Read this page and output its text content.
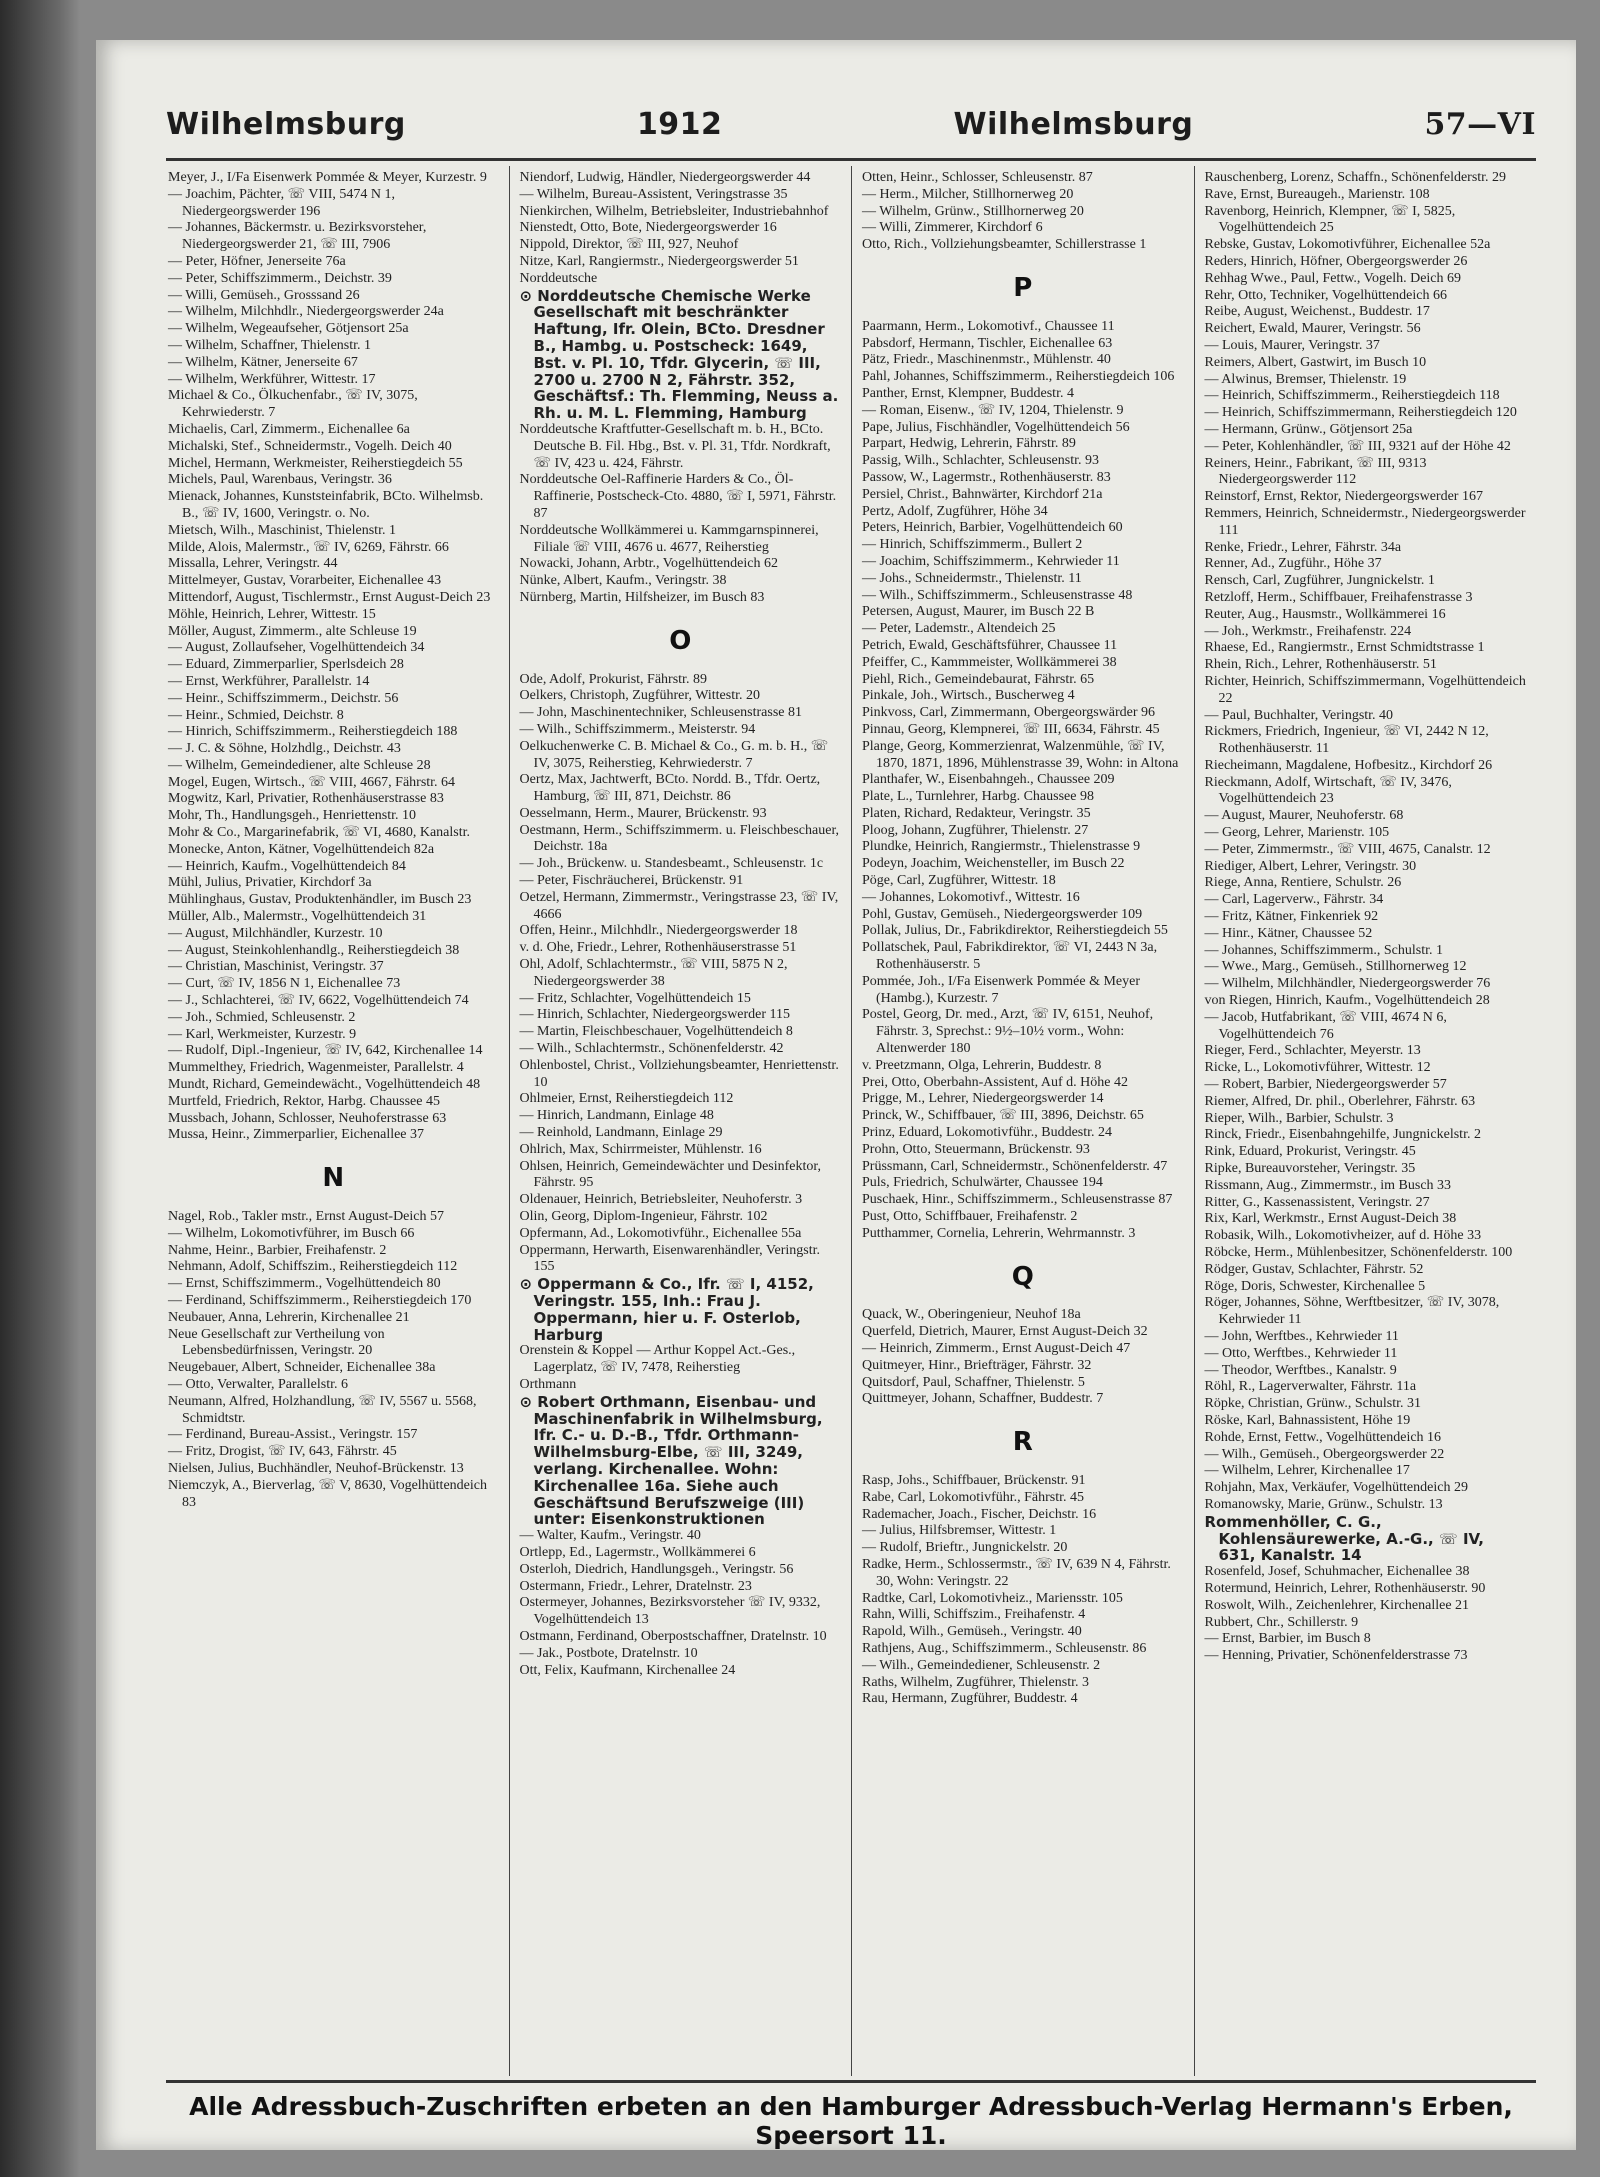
Wilhelmsburg	1912	Wilhelmsburg	57—VI

Meyer, J., I/Fa Eisenwerk Pommée & Meyer, Kurzestr. 9

— Joachim, Pächter, ☏ VIII, 5474 N 1, Niedergeorgswerder 196

— Johannes, Bäckermstr. u. Bezirksvorsteher, Niedergeorgswerder 21, ☏ III, 7906

— Peter, Höfner, Jenerseite 76a

— Peter, Schiffszimmerm., Deichstr. 39

— Willi, Gemüseh., Grosssand 26

— Wilhelm, Milchhdlr., Niedergeorgswerder 24a

— Wilhelm, Wegeaufseher, Götjensort 25a

— Wilhelm, Schaffner, Thielenstr. 1

— Wilhelm, Kätner, Jenerseite 67

— Wilhelm, Werkführer, Wittestr. 17

Michael & Co., Ölkuchenfabr., ☏ IV, 3075, Kehrwiederstr. 7

Michaelis, Carl, Zimmerm., Eichenallee 6a

Michalski, Stef., Schneidermstr., Vogelh. Deich 40

Michel, Hermann, Werkmeister, Reiherstiegdeich 55

Michels, Paul, Warenbaus, Veringstr. 36

Mienack, Johannes, Kunststeinfabrik, BCto. Wilhelmsb. B., ☏ IV, 1600, Veringstr. o. No.

Mietsch, Wilh., Maschinist, Thielenstr. 1

Milde, Alois, Malermstr., ☏ IV, 6269, Fährstr. 66

Missalla, Lehrer, Veringstr. 44

Mittelmeyer, Gustav, Vorarbeiter, Eichenallee 43

Mittendorf, August, Tischlermstr., Ernst August-Deich 23

Möhle, Heinrich, Lehrer, Wittestr. 15

Möller, August, Zimmerm., alte Schleuse 19

— August, Zollaufseher, Vogelhüttendeich 34

— Eduard, Zimmerparlier, Sperlsdeich 28

— Ernst, Werkführer, Parallelstr. 14

— Heinr., Schiffszimmerm., Deichstr. 56

— Heinr., Schmied, Deichstr. 8

— Hinrich, Schiffszimmerm., Reiherstiegdeich 188

— J. C. & Söhne, Holzhdlg., Deichstr. 43

— Wilhelm, Gemeindediener, alte Schleuse 28

Mogel, Eugen, Wirtsch., ☏ VIII, 4667, Fährstr. 64

Mogwitz, Karl, Privatier, Rothenhäuserstrasse 83

Mohr, Th., Handlungsgeh., Henriettenstr. 10

Mohr & Co., Margarinefabrik, ☏ VI, 4680, Kanalstr.

Monecke, Anton, Kätner, Vogelhüttendeich 82a

— Heinrich, Kaufm., Vogelhüttendeich 84

Mühl, Julius, Privatier, Kirchdorf 3a

Mühlinghaus, Gustav, Produktenhändler, im Busch 23

Müller, Alb., Malermstr., Vogelhüttendeich 31

— August, Milchhändler, Kurzestr. 10

— August, Steinkohlenhandlg., Reiherstiegdeich 38

— Christian, Maschinist, Veringstr. 37

— Curt, ☏ IV, 1856 N 1, Eichenallee 73

— J., Schlachterei, ☏ IV, 6622, Vogelhüttendeich 74

— Joh., Schmied, Schleusenstr. 2

— Karl, Werkmeister, Kurzestr. 9

— Rudolf, Dipl.-Ingenieur, ☏ IV, 642, Kirchenallee 14

Mummelthey, Friedrich, Wagenmeister, Parallelstr. 4

Mundt, Richard, Gemeindewächt., Vogelhüttendeich 48

Murtfeld, Friedrich, Rektor, Harbg. Chaussee 45

Mussbach, Johann, Schlosser, Neuhoferstrasse 63

Mussa, Heinr., Zimmerparlier, Eichenallee 37

N

Nagel, Rob., Takler mstr., Ernst August-Deich 57

— Wilhelm, Lokomotivführer, im Busch 66

Nahme, Heinr., Barbier, Freihafenstr. 2

Nehmann, Adolf, Schiffszim., Reiherstiegdeich 112

— Ernst, Schiffszimmerm., Vogelhüttendeich 80

— Ferdinand, Schiffszimmerm., Reiherstiegdeich 170

Neubauer, Anna, Lehrerin, Kirchenallee 21

Neue Gesellschaft zur Vertheilung von Lebensbedürfnissen, Veringstr. 20

Neugebauer, Albert, Schneider, Eichenallee 38a

— Otto, Verwalter, Parallelstr. 6

Neumann, Alfred, Holzhandlung, ☏ IV, 5567 u. 5568, Schmidtstr.

— Ferdinand, Bureau-Assist., Veringstr. 157

— Fritz, Drogist, ☏ IV, 643, Fährstr. 45

Nielsen, Julius, Buchhändler, Neuhof-Brückenstr. 13

Niemczyk, A., Bierverlag, ☏ V, 8630, Vogelhüttendeich 83

Niendorf, Ludwig, Händler, Niedergeorgswerder 44

— Wilhelm, Bureau-Assistent, Veringstrasse 35

Nienkirchen, Wilhelm, Betriebsleiter, Industriebahnhof

Nienstedt, Otto, Bote, Niedergeorgswerder 16

Nippold, Direktor, ☏ III, 927, Neuhof

Nitze, Karl, Rangiermstr., Niedergeorgswerder 51

Norddeutsche

⊙ Norddeutsche Chemische Werke Gesellschaft mit beschränkter Haftung, Ifr. Olein, BCto. Dresdner B., Hambg. u. Postscheck: 1649, Bst. v. Pl. 10, Tfdr. Glycerin, ☏ III, 2700 u. 2700 N 2, Fährstr. 352, Geschäftsf.: Th. Flemming, Neuss a. Rh. u. M. L. Flemming, Hamburg

Norddeutsche Kraftfutter-Gesellschaft m. b. H., BCto. Deutsche B. Fil. Hbg., Bst. v. Pl. 31, Tfdr. Nordkraft, ☏ IV, 423 u. 424, Fährstr.

Norddeutsche Oel-Raffinerie Harders & Co., Öl-Raffinerie, Postscheck-Cto. 4880, ☏ I, 5971, Fährstr. 87

Norddeutsche Wollkämmerei u. Kammgarnspinnerei, Filiale ☏ VIII, 4676 u. 4677, Reiherstieg

Nowacki, Johann, Arbtr., Vogelhüttendeich 62

Nünke, Albert, Kaufm., Veringstr. 38

Nürnberg, Martin, Hilfsheizer, im Busch 83

O

Ode, Adolf, Prokurist, Fährstr. 89

Oelkers, Christoph, Zugführer, Wittestr. 20

— John, Maschinentechniker, Schleusenstrasse 81

— Wilh., Schiffszimmerm., Meisterstr. 94

Oelkuchenwerke C. B. Michael & Co., G. m. b. H., ☏ IV, 3075, Reiherstieg, Kehrwiederstr. 7

Oertz, Max, Jachtwerft, BCto. Nordd. B., Tfdr. Oertz, Hamburg, ☏ III, 871, Deichstr. 86

Oesselmann, Herm., Maurer, Brückenstr. 93

Oestmann, Herm., Schiffszimmerm. u. Fleischbeschauer, Deichstr. 18a

— Joh., Brückenw. u. Standesbeamt., Schleusenstr. 1c

— Peter, Fischräucherei, Brückenstr. 91

Oetzel, Hermann, Zimmermstr., Veringstrasse 23, ☏ IV, 4666

Offen, Heinr., Milchhdlr., Niedergeorgswerder 18

v. d. Ohe, Friedr., Lehrer, Rothenhäuserstrasse 51

Ohl, Adolf, Schlachtermstr., ☏ VIII, 5875 N 2, Niedergeorgswerder 38

— Fritz, Schlachter, Vogelhüttendeich 15

— Hinrich, Schlachter, Niedergeorgswerder 115

— Martin, Fleischbeschauer, Vogelhüttendeich 8

— Wilh., Schlachtermstr., Schönenfelderstr. 42

Ohlenbostel, Christ., Vollziehungsbeamter, Henriettenstr. 10

Ohlmeier, Ernst, Reiherstiegdeich 112

— Hinrich, Landmann, Einlage 48

— Reinhold, Landmann, Einlage 29

Ohlrich, Max, Schirrmeister, Mühlenstr. 16

Ohlsen, Heinrich, Gemeindewächter und Desinfektor, Fährstr. 95

Oldenauer, Heinrich, Betriebsleiter, Neuhoferstr. 3

Olin, Georg, Diplom-Ingenieur, Fährstr. 102

Opfermann, Ad., Lokomotivführ., Eichenallee 55a

Oppermann, Herwarth, Eisenwarenhändler, Veringstr. 155

⊙ Oppermann & Co., Ifr. ☏ I, 4152, Veringstr. 155, Inh.: Frau J. Oppermann, hier u. F. Osterlob, Harburg

Orenstein & Koppel — Arthur Koppel Act.-Ges., Lagerplatz, ☏ IV, 7478, Reiherstieg

Orthmann

⊙ Robert Orthmann, Eisenbau- und Maschinenfabrik in Wilhelmsburg, Ifr. C.- u. D.-B., Tfdr. Orthmann-Wilhelmsburg-Elbe, ☏ III, 3249, verlang. Kirchenallee. Wohn: Kirchenallee 16a. Siehe auch Geschäftsund Berufszweige (III) unter: Eisenkonstruktionen

— Walter, Kaufm., Veringstr. 40

Ortlepp, Ed., Lagermstr., Wollkämmerei 6

Osterloh, Diedrich, Handlungsgeh., Veringstr. 56

Ostermann, Friedr., Lehrer, Dratelnstr. 23

Ostermeyer, Johannes, Bezirksvorsteher ☏ IV, 9332, Vogelhüttendeich 13

Ostmann, Ferdinand, Oberpostschaffner, Dratelnstr. 10

— Jak., Postbote, Dratelnstr. 10

Ott, Felix, Kaufmann, Kirchenallee 24

Otten, Heinr., Schlosser, Schleusenstr. 87

— Herm., Milcher, Stillhornerweg 20

— Wilhelm, Grünw., Stillhornerweg 20

— Willi, Zimmerer, Kirchdorf 6

Otto, Rich., Vollziehungsbeamter, Schillerstrasse 1

P

Paarmann, Herm., Lokomotivf., Chaussee 11

Pabsdorf, Hermann, Tischler, Eichenallee 63

Pätz, Friedr., Maschinenmstr., Mühlenstr. 40

Pahl, Johannes, Schiffszimmerm., Reiherstiegdeich 106

Panther, Ernst, Klempner, Buddestr. 4

— Roman, Eisenw., ☏ IV, 1204, Thielenstr. 9

Pape, Julius, Fischhändler, Vogelhüttendeich 56

Parpart, Hedwig, Lehrerin, Fährstr. 89

Passig, Wilh., Schlachter, Schleusenstr. 93

Passow, W., Lagermstr., Rothenhäuserstr. 83

Persiel, Christ., Bahnwärter, Kirchdorf 21a

Pertz, Adolf, Zugführer, Höhe 34

Peters, Heinrich, Barbier, Vogelhüttendeich 60

— Hinrich, Schiffszimmerm., Bullert 2

— Joachim, Schiffszimmerm., Kehrwieder 11

— Johs., Schneidermstr., Thielenstr. 11

— Wilh., Schiffszimmerm., Schleusenstrasse 48

Petersen, August, Maurer, im Busch 22 B

— Peter, Lademstr., Altendeich 25

Petrich, Ewald, Geschäftsführer, Chaussee 11

Pfeiffer, C., Kammmeister, Wollkämmerei 38

Piehl, Rich., Gemeindebaurat, Fährstr. 65

Pinkale, Joh., Wirtsch., Buscherweg 4

Pinkvoss, Carl, Zimmermann, Obergeorgswärder 96

Pinnau, Georg, Klempnerei, ☏ III, 6634, Fährstr. 45

Plange, Georg, Kommerzienrat, Walzenmühle, ☏ IV, 1870, 1871, 1896, Mühlenstrasse 39, Wohn: in Altona

Planthafer, W., Eisenbahngeh., Chaussee 209

Plate, L., Turnlehrer, Harbg. Chaussee 98

Platen, Richard, Redakteur, Veringstr. 35

Ploog, Johann, Zugführer, Thielenstr. 27

Plundke, Heinrich, Rangiermstr., Thielenstrasse 9

Podeyn, Joachim, Weichensteller, im Busch 22

Pöge, Carl, Zugführer, Wittestr. 18

— Johannes, Lokomotivf., Wittestr. 16

Pohl, Gustav, Gemüseh., Niedergeorgswerder 109

Pollak, Julius, Dr., Fabrikdirektor, Reiherstiegdeich 55

Pollatschek, Paul, Fabrikdirektor, ☏ VI, 2443 N 3a, Rothenhäuserstr. 5

Pommée, Joh., I/Fa Eisenwerk Pommée & Meyer (Hambg.), Kurzestr. 7

Postel, Georg, Dr. med., Arzt, ☏ IV, 6151, Neuhof, Fährstr. 3, Sprechst.: 9½–10½ vorm., Wohn: Altenwerder 180

v. Preetzmann, Olga, Lehrerin, Buddestr. 8

Prei, Otto, Oberbahn-Assistent, Auf d. Höhe 42

Prigge, M., Lehrer, Niedergeorgswerder 14

Princk, W., Schiffbauer, ☏ III, 3896, Deichstr. 65

Prinz, Eduard, Lokomotivführ., Buddestr. 24

Prohn, Otto, Steuermann, Brückenstr. 93

Prüssmann, Carl, Schneidermstr., Schönenfelderstr. 47

Puls, Friedrich, Schulwärter, Chaussee 194

Puschaek, Hinr., Schiffszimmerm., Schleusenstrasse 87

Pust, Otto, Schiffbauer, Freihafenstr. 2

Putthammer, Cornelia, Lehrerin, Wehrmannstr. 3

Q

Quack, W., Oberingenieur, Neuhof 18a

Querfeld, Dietrich, Maurer, Ernst August-Deich 32

— Heinrich, Zimmerm., Ernst August-Deich 47

Quitmeyer, Hinr., Briefträger, Fährstr. 32

Quitsdorf, Paul, Schaffner, Thielenstr. 5

Quittmeyer, Johann, Schaffner, Buddestr. 7

R

Rasp, Johs., Schiffbauer, Brückenstr. 91

Rabe, Carl, Lokomotivführ., Fährstr. 45

Rademacher, Joach., Fischer, Deichstr. 16

— Julius, Hilfsbremser, Wittestr. 1

— Rudolf, Brieftr., Jungnickelstr. 20

Radke, Herm., Schlossermstr., ☏ IV, 639 N 4, Fährstr. 30, Wohn: Veringstr. 22

Radtke, Carl, Lokomotivheiz., Mariensstr. 105

Rahn, Willi, Schiffszim., Freihafenstr. 4

Rapold, Wilh., Gemüseh., Veringstr. 40

Rathjens, Aug., Schiffszimmerm., Schleusenstr. 86

— Wilh., Gemeindediener, Schleusenstr. 2

Raths, Wilhelm, Zugführer, Thielenstr. 3

Rau, Hermann, Zugführer, Buddestr. 4

Rauschenberg, Lorenz, Schaffn., Schönenfelderstr. 29

Rave, Ernst, Bureaugeh., Marienstr. 108

Ravenborg, Heinrich, Klempner, ☏ I, 5825, Vogelhüttendeich 25

Rebske, Gustav, Lokomotivführer, Eichenallee 52a

Reders, Hinrich, Höfner, Obergeorgswerder 26

Rehhag Wwe., Paul, Fettw., Vogelh. Deich 69

Rehr, Otto, Techniker, Vogelhüttendeich 66

Reibe, August, Weichenst., Buddestr. 17

Reichert, Ewald, Maurer, Veringstr. 56

— Louis, Maurer, Veringstr. 37

Reimers, Albert, Gastwirt, im Busch 10

— Alwinus, Bremser, Thielenstr. 19

— Heinrich, Schiffszimmerm., Reiherstiegdeich 118

— Heinrich, Schiffszimmermann, Reiherstiegdeich 120

— Hermann, Grünw., Götjensort 25a

— Peter, Kohlenhändler, ☏ III, 9321 auf der Höhe 42

Reiners, Heinr., Fabrikant, ☏ III, 9313 Niedergeorgswerder 112

Reinstorf, Ernst, Rektor, Niedergeorgswerder 167

Remmers, Heinrich, Schneidermstr., Niedergeorgswerder 111

Renke, Friedr., Lehrer, Fährstr. 34a

Renner, Ad., Zugführ., Höhe 37

Rensch, Carl, Zugführer, Jungnickelstr. 1

Retzloff, Herm., Schiffbauer, Freihafenstrasse 3

Reuter, Aug., Hausmstr., Wollkämmerei 16

— Joh., Werkmstr., Freihafenstr. 224

Rhaese, Ed., Rangiermstr., Ernst Schmidtstrasse 1

Rhein, Rich., Lehrer, Rothenhäuserstr. 51

Richter, Heinrich, Schiffszimmermann, Vogelhüttendeich 22

— Paul, Buchhalter, Veringstr. 40

Rickmers, Friedrich, Ingenieur, ☏ VI, 2442 N 12, Rothenhäuserstr. 11

Riecheimann, Magdalene, Hofbesitz., Kirchdorf 26

Rieckmann, Adolf, Wirtschaft, ☏ IV, 3476, Vogelhüttendeich 23

— August, Maurer, Neuhoferstr. 68

— Georg, Lehrer, Marienstr. 105

— Peter, Zimmermstr., ☏ VIII, 4675, Canalstr. 12

Riediger, Albert, Lehrer, Veringstr. 30

Riege, Anna, Rentiere, Schulstr. 26

— Carl, Lagerverw., Fährstr. 34

— Fritz, Kätner, Finkenriek 92

— Hinr., Kätner, Chaussee 52

— Johannes, Schiffszimmerm., Schulstr. 1

— Wwe., Marg., Gemüseh., Stillhornerweg 12

— Wilhelm, Milchhändler, Niedergeorgswerder 76

von Riegen, Hinrich, Kaufm., Vogelhüttendeich 28

— Jacob, Hutfabrikant, ☏ VIII, 4674 N 6, Vogelhüttendeich 76

Rieger, Ferd., Schlachter, Meyerstr. 13

Ricke, L., Lokomotivführer, Wittestr. 12

— Robert, Barbier, Niedergeorgswerder 57

Riemer, Alfred, Dr. phil., Oberlehrer, Fährstr. 63

Rieper, Wilh., Barbier, Schulstr. 3

Rinck, Friedr., Eisenbahngehilfe, Jungnickelstr. 2

Rink, Eduard, Prokurist, Veringstr. 45

Ripke, Bureauvorsteher, Veringstr. 35

Rissmann, Aug., Zimmermstr., im Busch 33

Ritter, G., Kassenassistent, Veringstr. 27

Rix, Karl, Werkmstr., Ernst August-Deich 38

Robasik, Wilh., Lokomotivheizer, auf d. Höhe 33

Röbcke, Herm., Mühlenbesitzer, Schönenfelderstr. 100

Rödger, Gustav, Schlachter, Fährstr. 52

Röge, Doris, Schwester, Kirchenallee 5

Röger, Johannes, Söhne, Werftbesitzer, ☏ IV, 3078, Kehrwieder 11

— John, Werftbes., Kehrwieder 11

— Otto, Werftbes., Kehrwieder 11

— Theodor, Werftbes., Kanalstr. 9

Röhl, R., Lagerverwalter, Fährstr. 11a

Röpke, Christian, Grünw., Schulstr. 31

Röske, Karl, Bahnassistent, Höhe 19

Rohde, Ernst, Fettw., Vogelhüttendeich 16

— Wilh., Gemüseh., Obergeorgswerder 22

— Wilhelm, Lehrer, Kirchenallee 17

Rohjahn, Max, Verkäufer, Vogelhüttendeich 29

Romanowsky, Marie, Grünw., Schulstr. 13

Rommenhöller, C. G., Kohlensäurewerke, A.-G., ☏ IV, 631, Kanalstr. 14

Rosenfeld, Josef, Schuhmacher, Eichenallee 38

Rotermund, Heinrich, Lehrer, Rothenhäuserstr. 90

Roswolt, Wilh., Zeichenlehrer, Kirchenallee 21

Rubbert, Chr., Schillerstr. 9

— Ernst, Barbier, im Busch 8

— Henning, Privatier, Schönenfelderstrasse 73

Alle Adressbuch-Zuschriften erbeten an den Hamburger Adressbuch-Verlag Hermann's Erben, Speersort 11.
